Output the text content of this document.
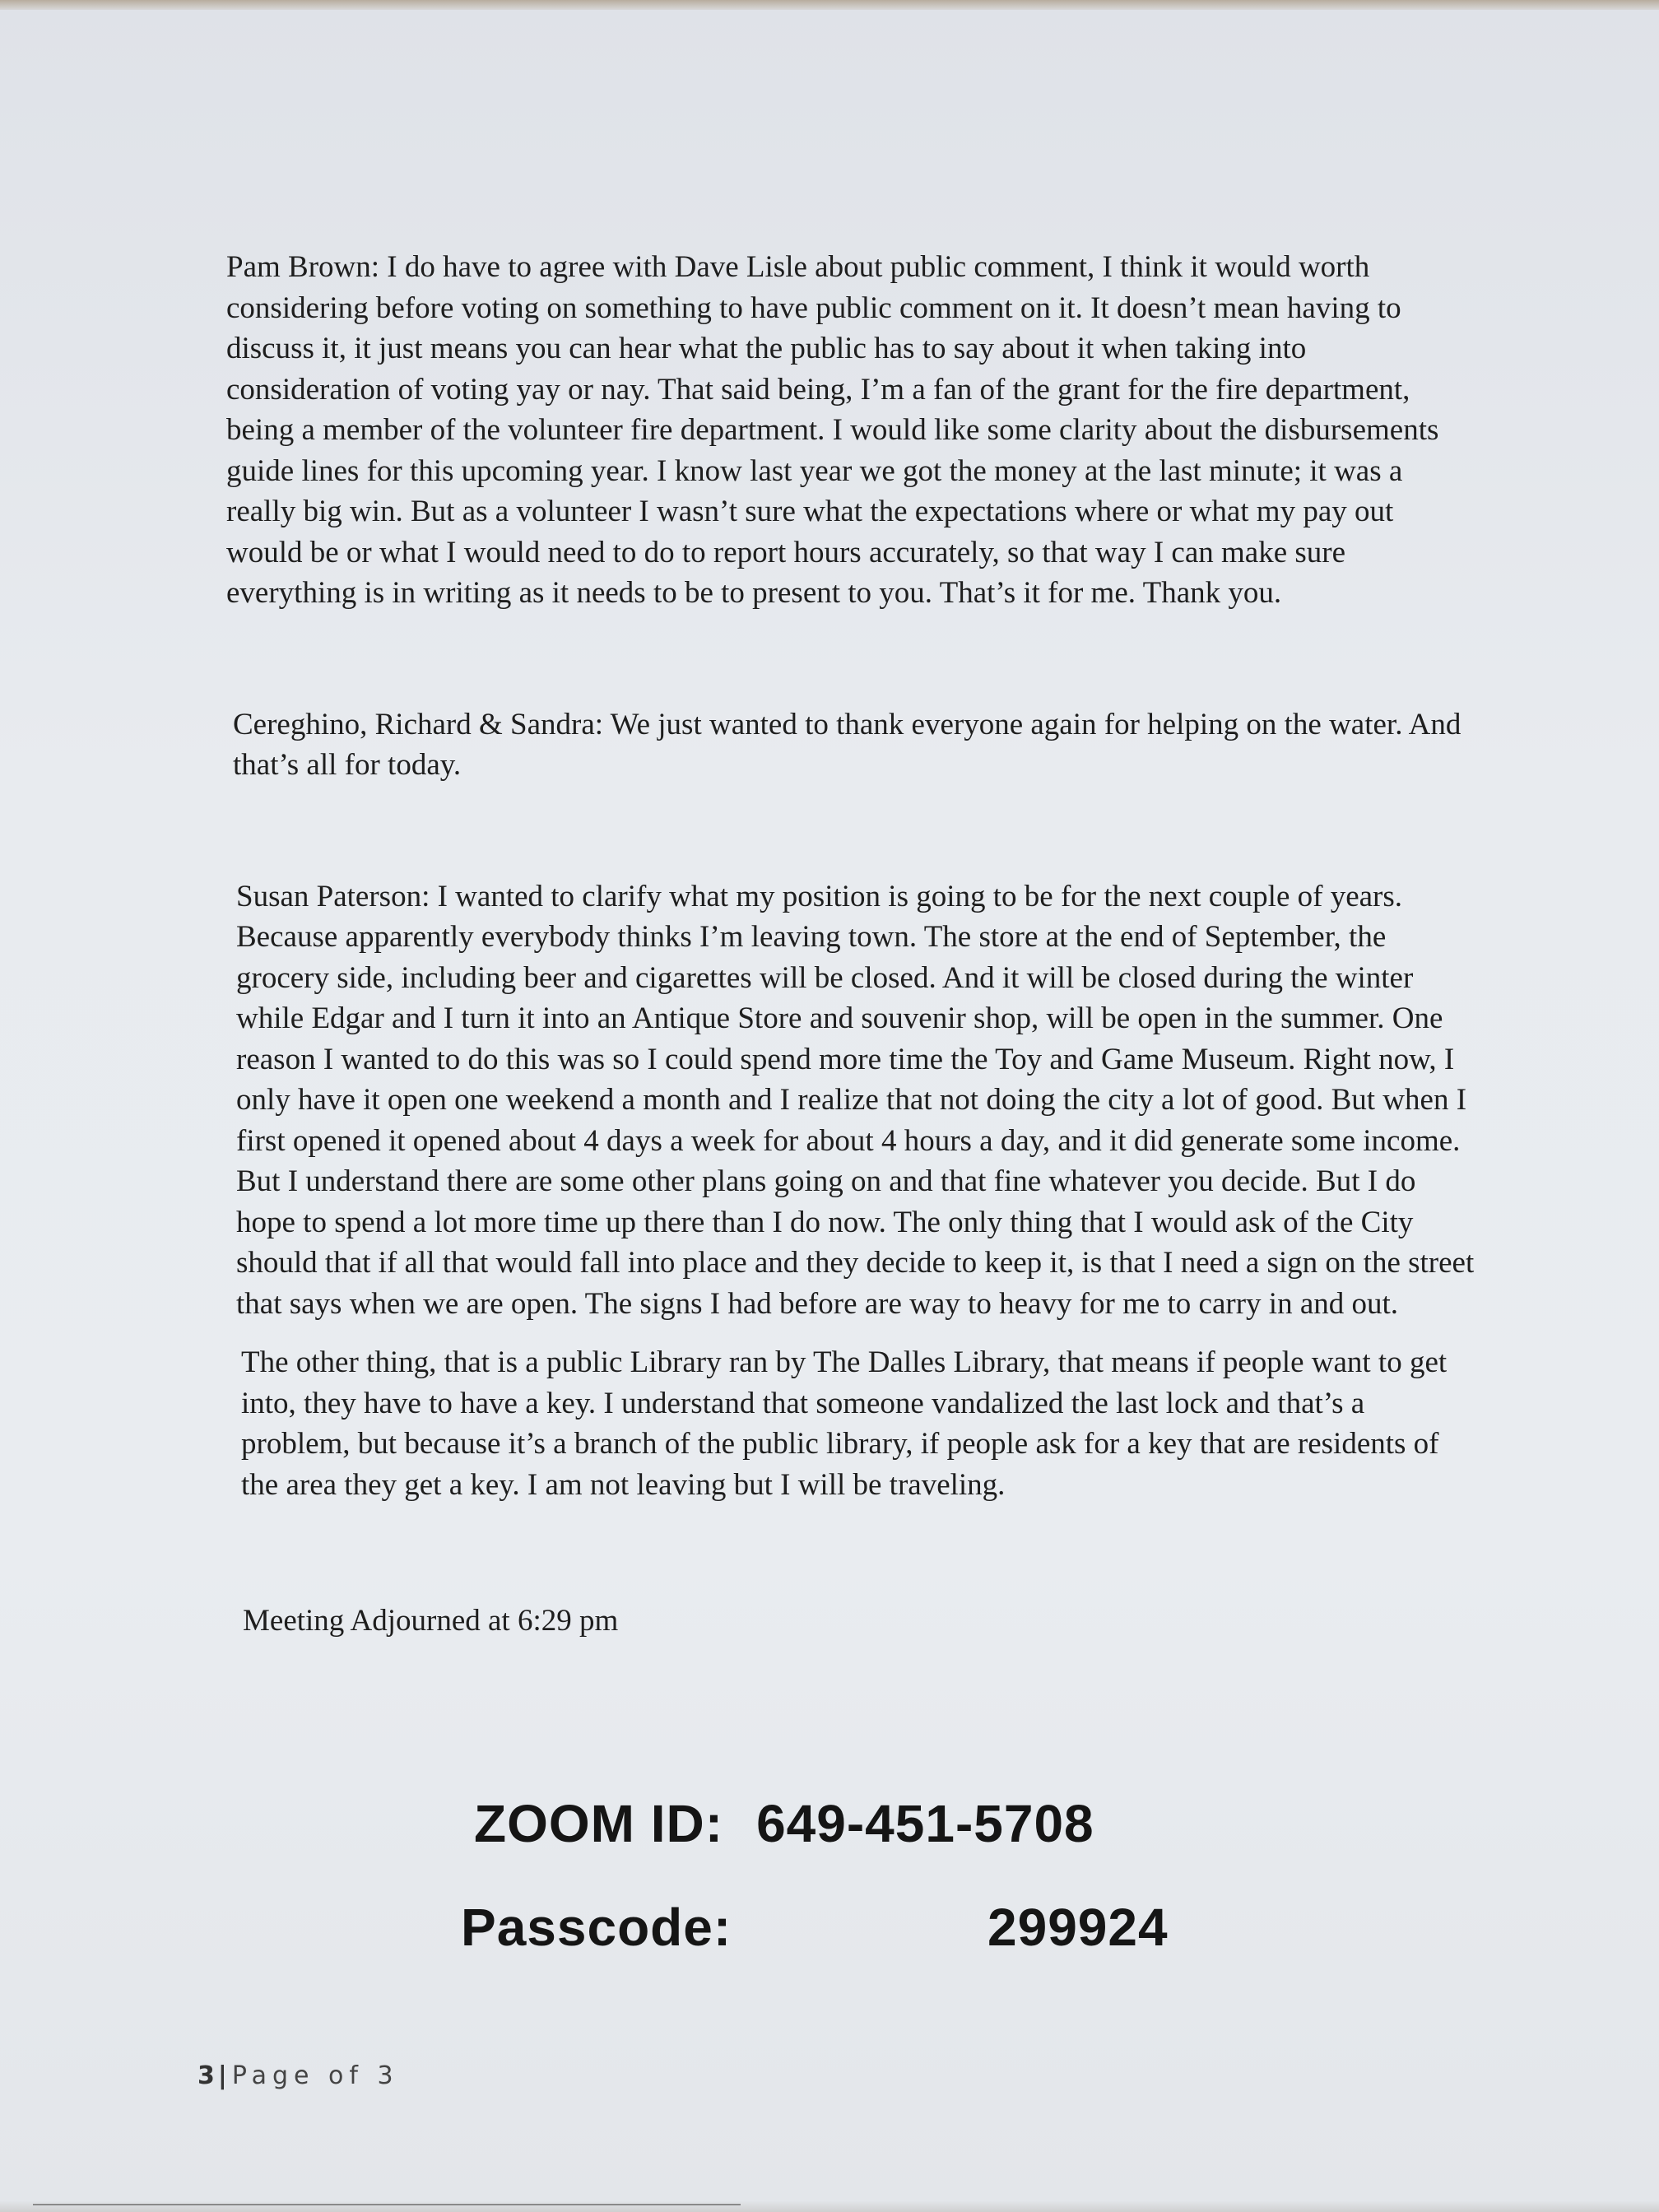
Pam Brown: I do have to agree with Dave Lisle about public comment, I think it would worth considering before voting on something to have public comment on it. It doesn’t mean having to discuss it, it just means you can hear what the public has to say about it when taking into consideration of voting yay or nay. That said being, I’m a fan of the grant for the fire department, being a member of the volunteer fire department. I would like some clarity about the disbursements guide lines for this upcoming year. I know last year we got the money at the last minute; it was a really big win. But as a volunteer I wasn’t sure what the expectations where or what my pay out would be or what I would need to do to report hours accurately, so that way I can make sure everything is in writing as it needs to be to present to you. That’s it for me. Thank you.

Cereghino, Richard & Sandra: We just wanted to thank everyone again for helping on the water. And that’s all for today.

Susan Paterson: I wanted to clarify what my position is going to be for the next couple of years. Because apparently everybody thinks I’m leaving town. The store at the end of September, the grocery side, including beer and cigarettes will be closed. And it will be closed during the winter while Edgar and I turn it into an Antique Store and souvenir shop, will be open in the summer. One reason I wanted to do this was so I could spend more time the Toy and Game Museum. Right now, I only have it open one weekend a month and I realize that not doing the city a lot of good. But when I first opened it opened about 4 days a week for about 4 hours a day, and it did generate some income. But I understand there are some other plans going on and that fine whatever you decide. But I do hope to spend a lot more time up there than I do now. The only thing that I would ask of the City should that if all that would fall into place and they decide to keep it, is that I need a sign on the street that says when we are open. The signs I had before are way to heavy for me to carry in and out.

The other thing, that is a public Library ran by The Dalles Library, that means if people want to get into, they have to have a key. I understand that someone vandalized the last lock and that’s a problem, but because it’s a branch of the public library, if people ask for a key that are residents of the area they get a key. I am not leaving but I will be traveling.

Meeting Adjourned at 6:29 pm

ZOOM ID: 649-451-5708
Passcode:	299924
3 | Page of 3
